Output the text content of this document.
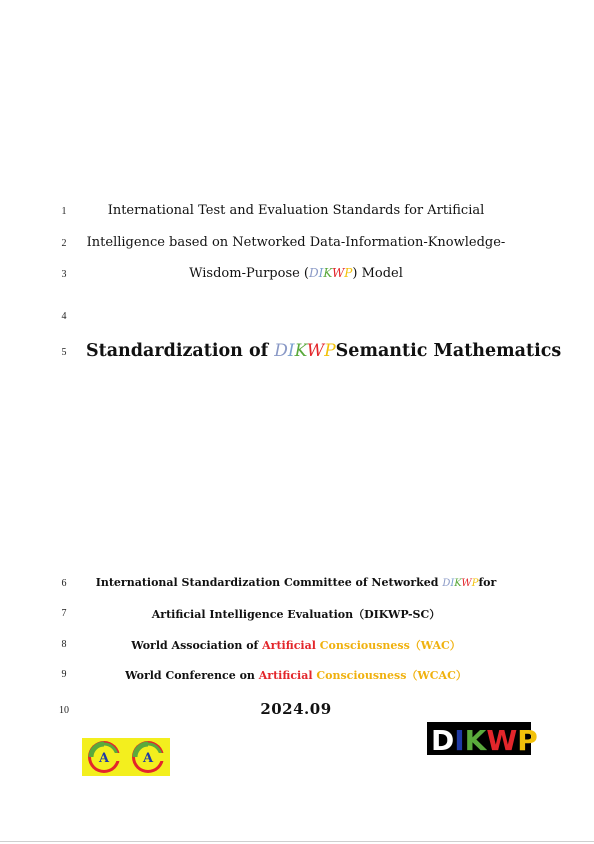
1
2
3
4
5
6
7
8
9
10
International Test and Evaluation Standards for Artificial
Intelligence based on Networked Data-Information-Knowledge-
Wisdom-Purpose (DIKWP) Model
Standardization of DIKWPSemantic Mathematics
International Standardization Committee of Networked DIKWPfor
Artificial Intelligence Evaluation（DIKWP-SC）
World Association of Artificial Consciousness（WAC）
World Conference on Artificial Consciousness（WCAC）
2024.09
A	A
DIKWP
